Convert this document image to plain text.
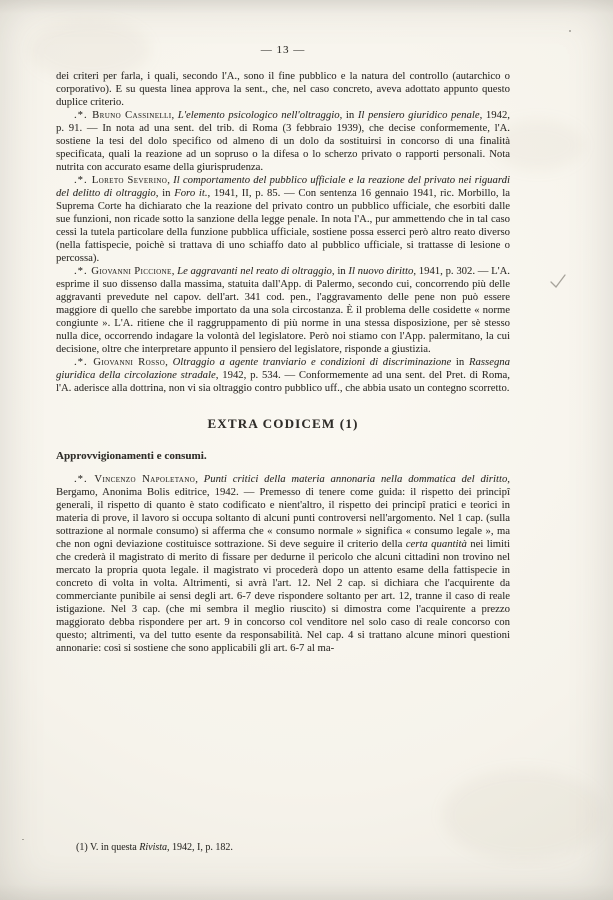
— 13 —

dei criteri per farla, i quali, secondo l'A., sono il fine pubblico e la natura del controllo (autarchico o corporativo). E su questa linea approva la sent., che, nel caso concreto, aveva adottato appunto questo duplice criterio.

.*. Bruno Cassinelli, L'elemento psicologico nell'oltraggio, in Il pensiero giuridico penale, 1942, p. 91. — In nota ad una sent. del trib. di Roma (3 febbraio 1939), che decise conformemente, l'A. sostiene la tesi del dolo specifico od almeno di un dolo da sostituirsi in concorso di una finalità specificata, quali la reazione ad un sopruso o la difesa o lo scherzo privato o rapporti personali. Nota nutrita con accurato esame della giurisprudenza.

.*. Loreto Severino, Il comportamento del pubblico ufficiale e la reazione del privato nei riguardi del delitto di oltraggio, in Foro it., 1941, II, p. 85. — Con sentenza 16 gennaio 1941, ric. Morbillo, la Suprema Corte ha dichiarato che la reazione del privato contro un pubblico ufficiale, che esorbiti dalle sue funzioni, non ricade sotto la sanzione della legge penale. In nota l'A., pur ammettendo che in tal caso cessi la tutela particolare della funzione pubblica ufficiale, sostiene possa esserci però altro reato diverso (nella fattispecie, poichè si trattava di uno schiaffo dato al pubblico ufficiale, si trattasse di lesione o percossa).

.*. Giovanni Piccione, Le aggravanti nel reato di oltraggio, in Il nuovo diritto, 1941, p. 302. — L'A. esprime il suo dissenso dalla massima, statuita dall'App. di Palermo, secondo cui, concorrendo più delle aggravanti prevedute nel capov. dell'art. 341 cod. pen., l'aggravamento delle pene non può essere maggiore di quello che sarebbe importato da una sola circostanza. È il problema delle cosidette « norme congiunte ». L'A. ritiene che il raggruppamento di più norme in una stessa disposizione, per sè stesso nulla dice, occorrendo indagare la volontà del legislatore. Però noi stiamo con l'App. palermitano, la cui decisione, oltre che interpretare appunto il pensiero del legislatore, risponde a giustizia.

.*. Giovanni Rosso, Oltraggio a agente tranviario e condizioni di discriminazione in Rassegna giuridica della circolazione stradale, 1942, p. 534. — Conformemente ad una sent. del Pret. di Roma, l'A. aderisce alla dottrina, non vi sia oltraggio contro pubblico uff., che abbia usato un contegno scorretto.

EXTRA CODICEM (1)
Approvvigionamenti e consumi.

.*. Vincenzo Napoletano, Punti critici della materia annonaria nella dommatica del diritto, Bergamo, Anonima Bolis editrice, 1942. — Premesso di tenere come guida: il rispetto dei principî generali, il rispetto di quanto è stato codificato e nient'altro, il rispetto dei principî pratici e teorici in materia di prove, il lavoro si occupa soltanto di alcuni punti controversi nell'argomento. Nel 1 cap. (sulla sottrazione al normale consumo) si afferma che « consumo normale » significa « consumo legale », ma che non ogni deviazione costituisce sottrazione. Si deve seguire il criterio della certa quantità nei limiti che crederà il magistrato di merito di fissare per dedurne il pericolo che alcuni cittadini non trovino nel mercato la propria quota legale. il magistrato vi procederà dopo un attento esame della fattispecie in concreto di volta in volta. Altrimenti, si avrà l'art. 12. Nel 2 cap. si dichiara che l'acquirente da commerciante punibile ai sensi degli art. 6-7 deve rispondere soltanto per art. 12, tranne il caso di reale istigazione. Nel 3 cap. (che mi sembra il meglio riuscito) si dimostra come l'acquirente a prezzo maggiorato debba rispondere per art. 9 in concorso col venditore nel solo caso di reale concorso con questo; altrimenti, va del tutto esente da responsabilità. Nel cap. 4 si trattano alcune minori questioni annonarie: così si sostiene che sono applicabili gli art. 6-7 al ma-

(1) V. in questa Rivista, 1942, I, p. 182.
